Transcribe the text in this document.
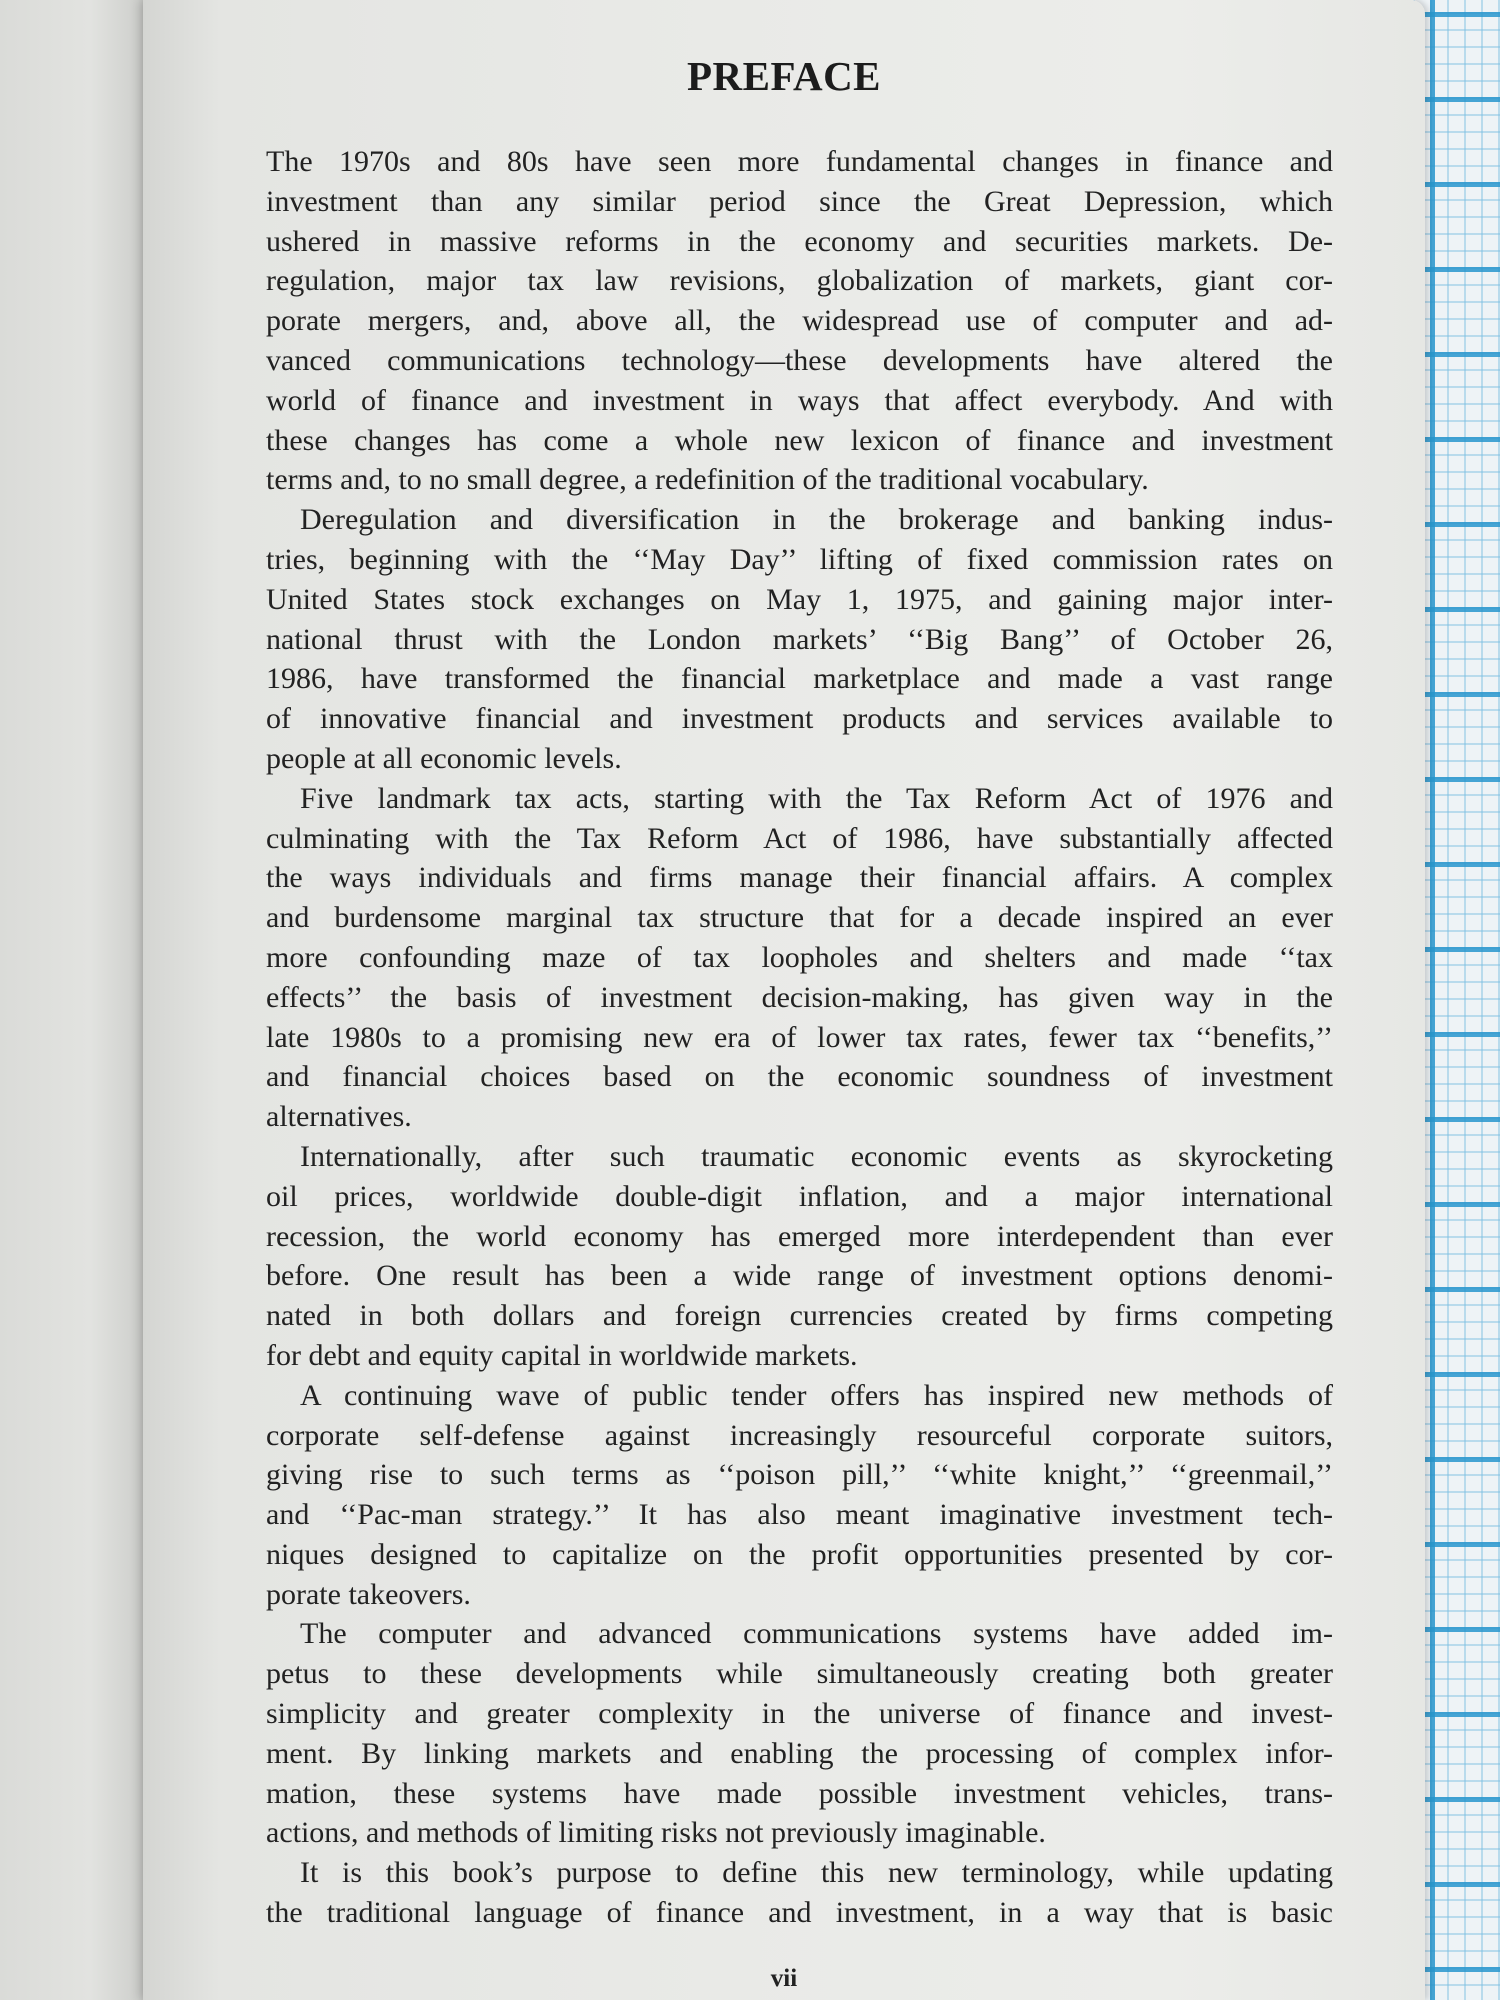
PREFACE
The 1970s and 80s have seen more fundamental changes in finance and
investment than any similar period since the Great Depression, which
ushered in massive reforms in the economy and securities markets. De-
regulation, major tax law revisions, globalization of markets, giant cor-
porate mergers, and, above all, the widespread use of computer and ad-
vanced communications technology—these developments have altered the
world of finance and investment in ways that affect everybody. And with
these changes has come a whole new lexicon of finance and investment
terms and, to no small degree, a redefinition of the traditional vocabulary.
Deregulation and diversification in the brokerage and banking indus-
tries, beginning with the ‘‘May Day’’ lifting of fixed commission rates on
United States stock exchanges on May 1, 1975, and gaining major inter-
national thrust with the London markets’ ‘‘Big Bang’’ of October 26,
1986, have transformed the financial marketplace and made a vast range
of innovative financial and investment products and services available to
people at all economic levels.
Five landmark tax acts, starting with the Tax Reform Act of 1976 and
culminating with the Tax Reform Act of 1986, have substantially affected
the ways individuals and firms manage their financial affairs. A complex
and burdensome marginal tax structure that for a decade inspired an ever
more confounding maze of tax loopholes and shelters and made ‘‘tax
effects’’ the basis of investment decision-making, has given way in the
late 1980s to a promising new era of lower tax rates, fewer tax ‘‘benefits,’’
and financial choices based on the economic soundness of investment
alternatives.
Internationally, after such traumatic economic events as skyrocketing
oil prices, worldwide double-digit inflation, and a major international
recession, the world economy has emerged more interdependent than ever
before. One result has been a wide range of investment options denomi-
nated in both dollars and foreign currencies created by firms competing
for debt and equity capital in worldwide markets.
A continuing wave of public tender offers has inspired new methods of
corporate self-defense against increasingly resourceful corporate suitors,
giving rise to such terms as ‘‘poison pill,’’ ‘‘white knight,’’ ‘‘greenmail,’’
and ‘‘Pac-man strategy.’’ It has also meant imaginative investment tech-
niques designed to capitalize on the profit opportunities presented by cor-
porate takeovers.
The computer and advanced communications systems have added im-
petus to these developments while simultaneously creating both greater
simplicity and greater complexity in the universe of finance and invest-
ment. By linking markets and enabling the processing of complex infor-
mation, these systems have made possible investment vehicles, trans-
actions, and methods of limiting risks not previously imaginable.
It is this book’s purpose to define this new terminology, while updating
the traditional language of finance and investment, in a way that is basic

vii
